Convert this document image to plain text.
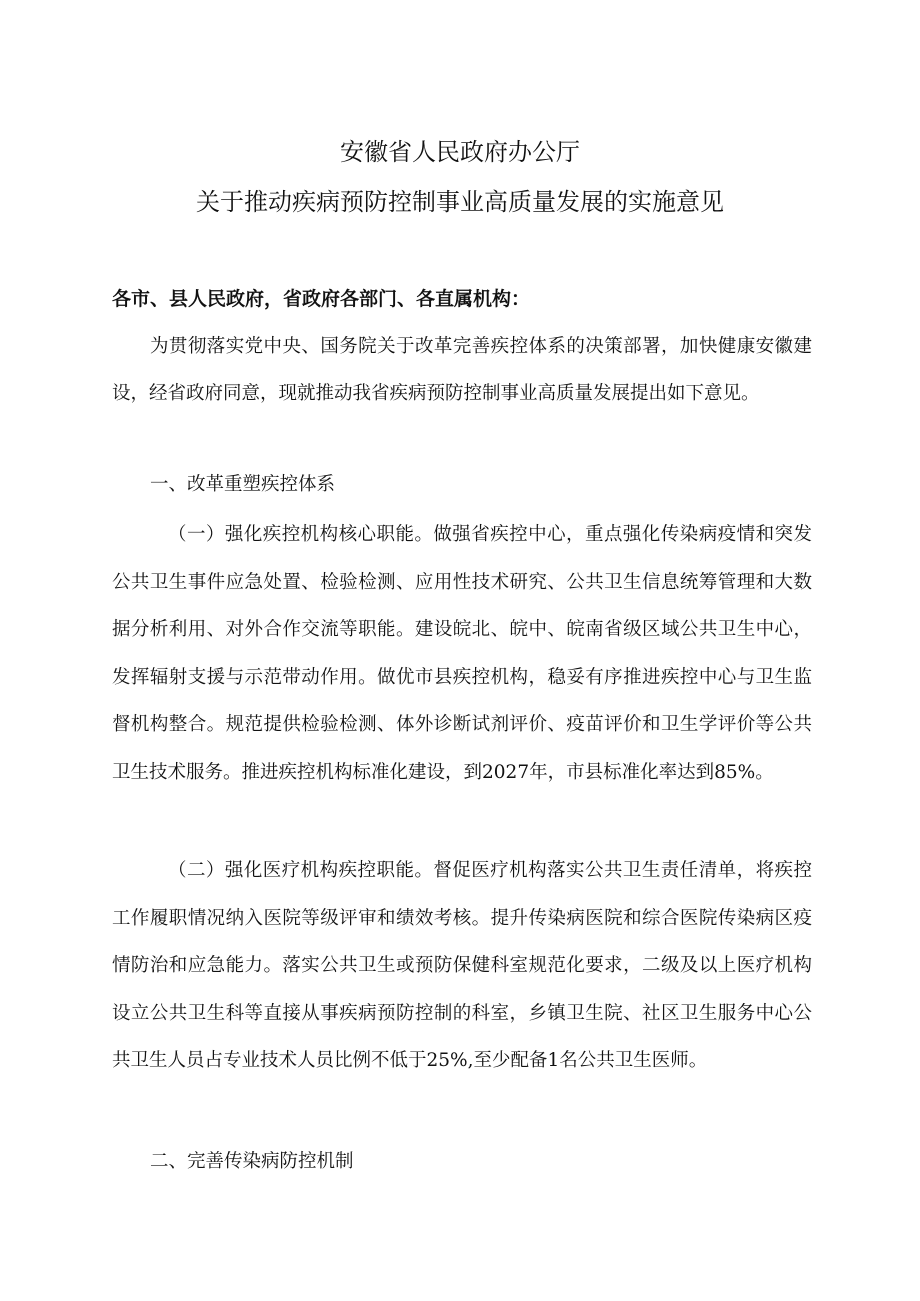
安徽省人民政府办公厅
关于推动疾病预防控制事业高质量发展的实施意见

各市、县人民政府，省政府各部门、各直属机构：

为贯彻落实党中央、国务院关于改革完善疾控体系的决策部署，加快健康安徽建设，经省政府同意，现就推动我省疾病预防控制事业高质量发展提出如下意见。

一、改革重塑疾控体系

（一）强化疾控机构核心职能。做强省疾控中心，重点强化传染病疫情和突发公共卫生事件应急处置、检验检测、应用性技术研究、公共卫生信息统筹管理和大数据分析利用、对外合作交流等职能。建设皖北、皖中、皖南省级区域公共卫生中心，发挥辐射支援与示范带动作用。做优市县疾控机构，稳妥有序推进疾控中心与卫生监督机构整合。规范提供检验检测、体外诊断试剂评价、疫苗评价和卫生学评价等公共卫生技术服务。推进疾控机构标准化建设，到2027年，市县标准化率达到85%。

（二）强化医疗机构疾控职能。督促医疗机构落实公共卫生责任清单，将疾控工作履职情况纳入医院等级评审和绩效考核。提升传染病医院和综合医院传染病区疫情防治和应急能力。落实公共卫生或预防保健科室规范化要求，二级及以上医疗机构设立公共卫生科等直接从事疾病预防控制的科室，乡镇卫生院、社区卫生服务中心公共卫生人员占专业技术人员比例不低于25%,至少配备1名公共卫生医师。

二、完善传染病防控机制
